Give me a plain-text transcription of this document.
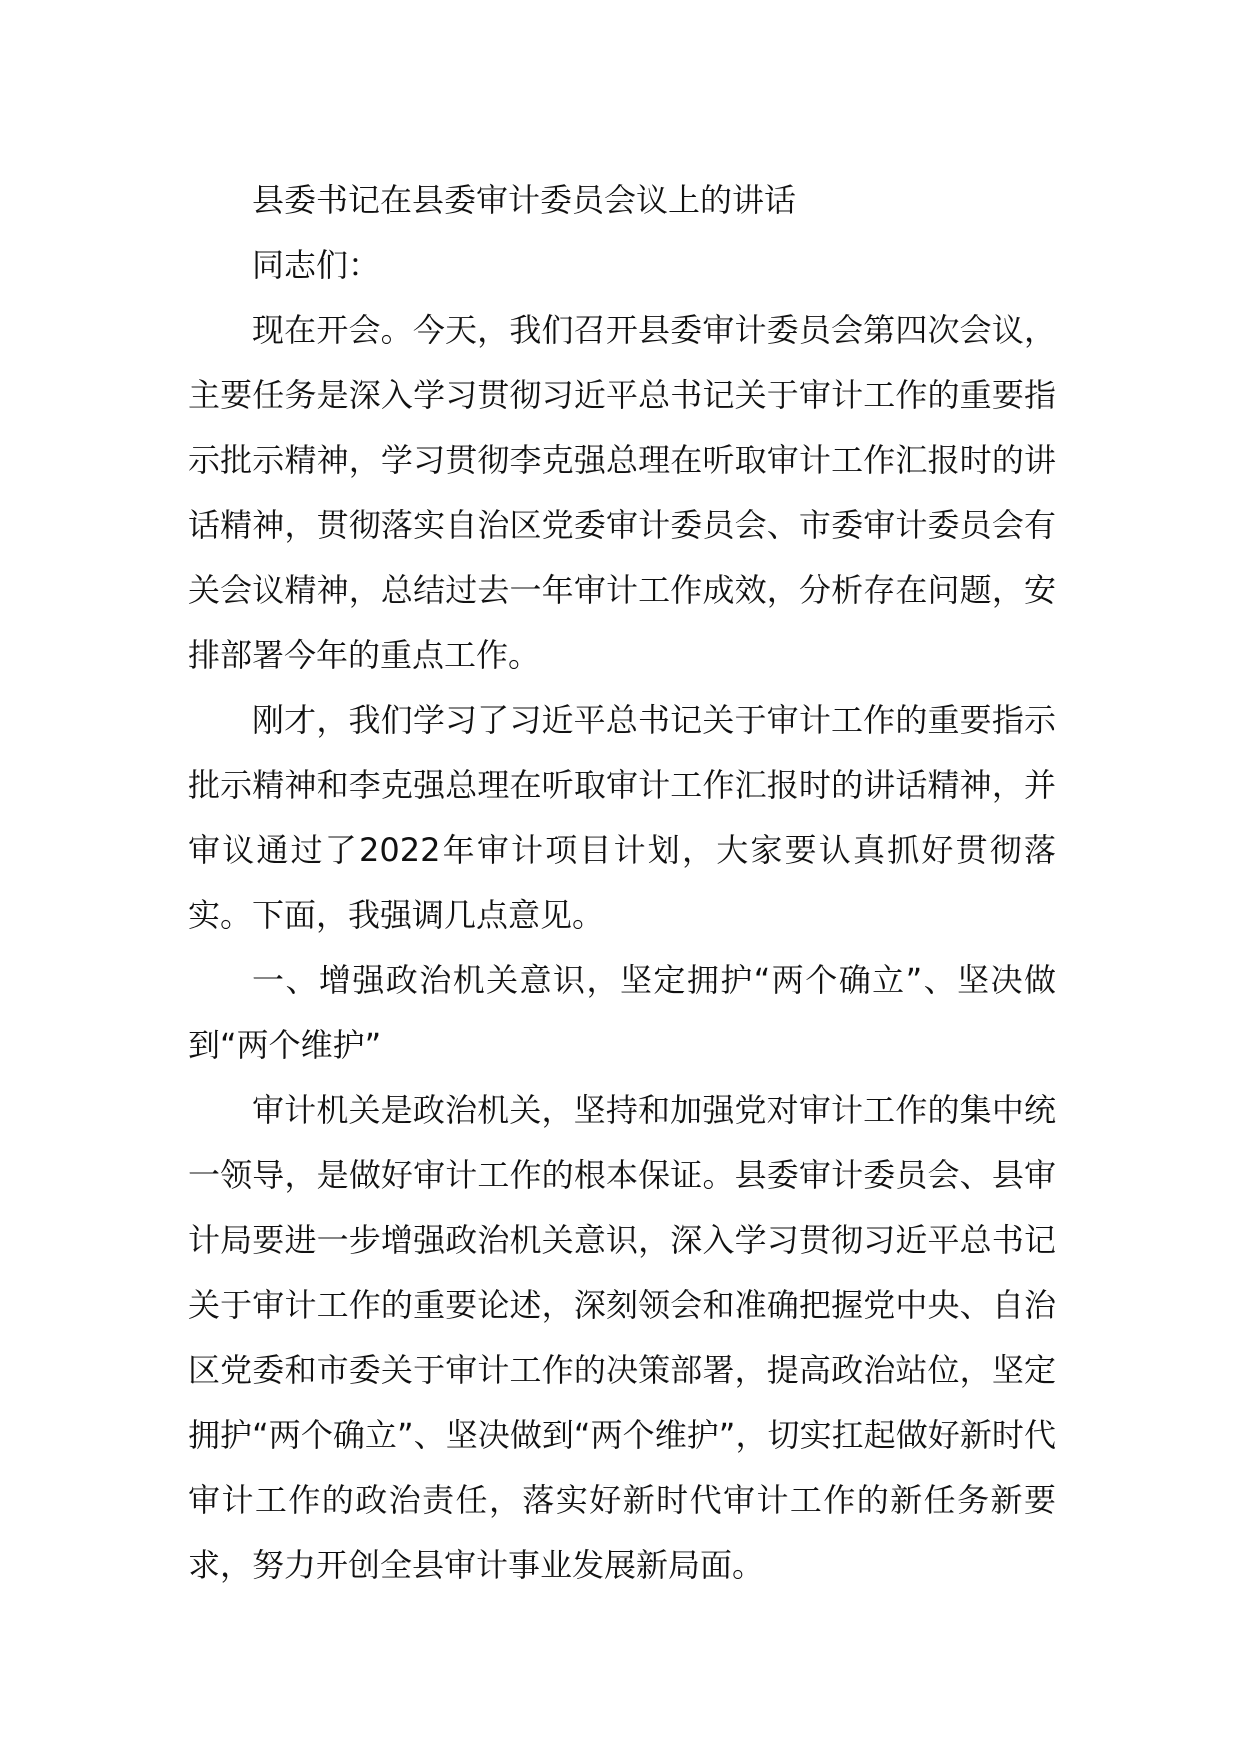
县委书记在县委审计委员会议上的讲话

同志们：

现在开会。今天，我们召开县委审计委员会第四次会议，主要任务是深入学习贯彻习近平总书记关于审计工作的重要指示批示精神，学习贯彻李克强总理在听取审计工作汇报时的讲话精神，贯彻落实自治区党委审计委员会、市委审计委员会有关会议精神，总结过去一年审计工作成效，分析存在问题，安排部署今年的重点工作。

刚才，我们学习了习近平总书记关于审计工作的重要指示批示精神和李克强总理在听取审计工作汇报时的讲话精神，并审议通过了2022年审计项目计划，大家要认真抓好贯彻落实。下面，我强调几点意见。

一、增强政治机关意识，坚定拥护“两个确立”、坚决做到“两个维护”

审计机关是政治机关，坚持和加强党对审计工作的集中统一领导，是做好审计工作的根本保证。县委审计委员会、县审计局要进一步增强政治机关意识，深入学习贯彻习近平总书记关于审计工作的重要论述，深刻领会和准确把握党中央、自治区党委和市委关于审计工作的决策部署，提高政治站位，坚定拥护“两个确立”、坚决做到“两个维护”，切实扛起做好新时代审计工作的政治责任，落实好新时代审计工作的新任务新要求，努力开创全县审计事业发展新局面。
